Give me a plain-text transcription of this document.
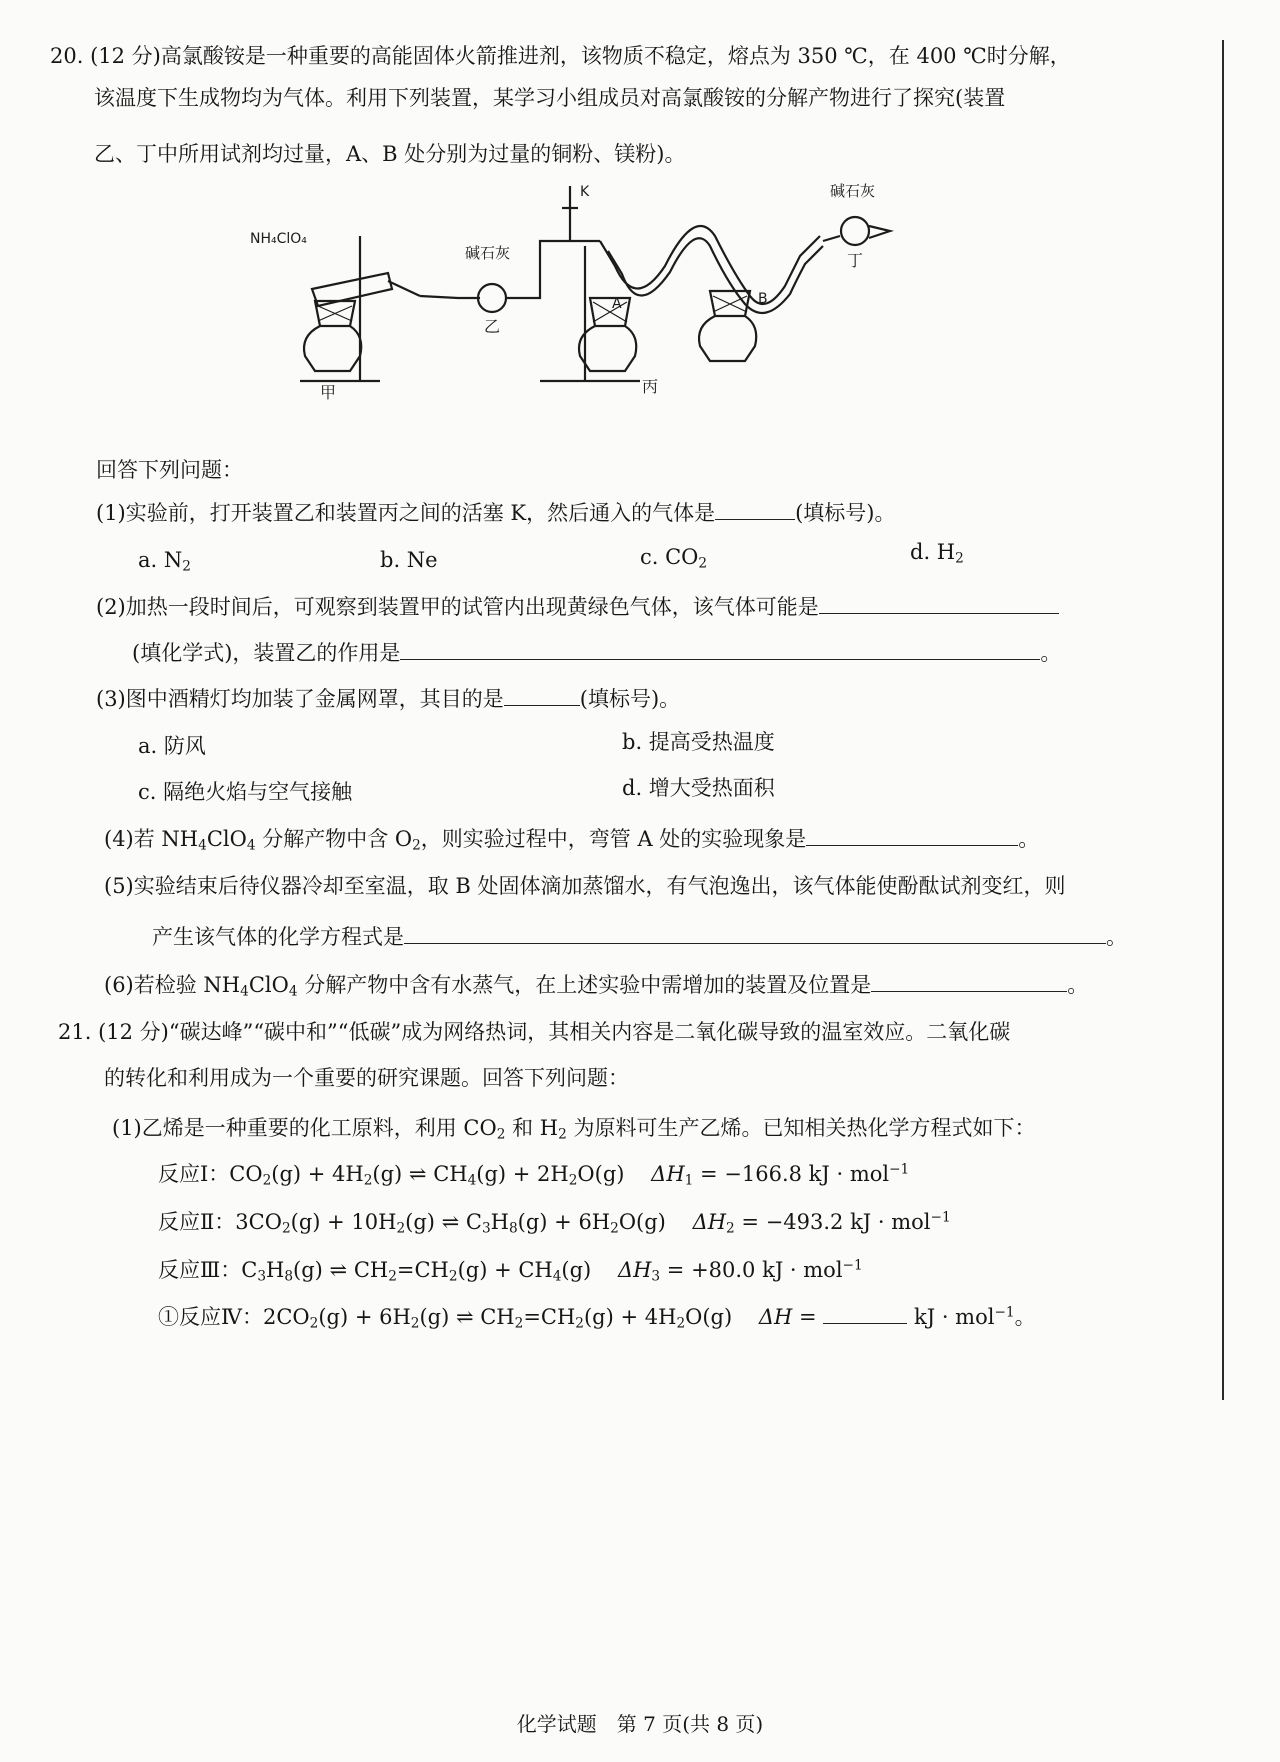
20. (12 分)高氯酸铵是一种重要的高能固体火箭推进剂，该物质不稳定，熔点为 350 ℃，在 400 ℃时分解，
该温度下生成物均为气体。利用下列装置，某学习小组成员对高氯酸铵的分解产物进行了探究(装置
乙、丁中所用试剂均过量，A、B 处分别为过量的铜粉、镁粉)。
NH₄ClO₄
碱石灰
碱石灰
K
A	B
甲
乙
丙
丁
回答下列问题：
(1)实验前，打开装置乙和装置丙之间的活塞 K，然后通入的气体是	(填标号)。
a. $N_2$	b. Ne	c. $CO_2$	d. $H_2$
(2)加热一段时间后，可观察到装置甲的试管内出现黄绿色气体，该气体可能是
(填化学式)，装置乙的作用是	。
(3)图中酒精灯均加装了金属网罩，其目的是	(填标号)。
a. 防风	b. 提高受热温度
c. 隔绝火焰与空气接触	d. 增大受热面积
(4)若 $NH_4ClO_4$ 分解产物中含 $O_2$，则实验过程中，弯管 A 处的实验现象是	。
(5)实验结束后待仪器冷却至室温，取 B 处固体滴加蒸馏水，有气泡逸出，该气体能使酚酞试剂变红，则
产生该气体的化学方程式是	。
(6)若检验 $NH_4ClO_4$ 分解产物中含有水蒸气，在上述实验中需增加的装置及位置是	。
21. (12 分)“碳达峰”“碳中和”“低碳”成为网络热词，其相关内容是二氧化碳导致的温室效应。二氧化碳
的转化和利用成为一个重要的研究课题。回答下列问题：
(1)乙烯是一种重要的化工原料，利用 $CO_2$ 和 $H_2$ 为原料可生产乙烯。已知相关热化学方程式如下：
反应Ⅰ：$CO_2(g) + 4H_2(g)$ ⇌ $CH_4(g) + 2H_2O(g)$    $\Delta H_1 = -166.8$ kJ · mol$^{-1}$
反应Ⅱ：$3CO_2(g) + 10H_2(g)$ ⇌ $C_3H_8(g) + 6H_2O(g)$    $\Delta H_2 = -493.2$ kJ · mol$^{-1}$
反应Ⅲ：$C_3H_8(g)$ ⇌ $CH_2=CH_2(g) + CH_4(g)$    $\Delta H_3 = +80.0$ kJ · mol$^{-1}$
①反应Ⅳ：$2CO_2(g) + 6H_2(g)$ ⇌ $CH_2=CH_2(g) + 4H_2O(g)$    ΔH =	kJ · mol$^{-1}$。
化学试题　第 7 页(共 8 页)
